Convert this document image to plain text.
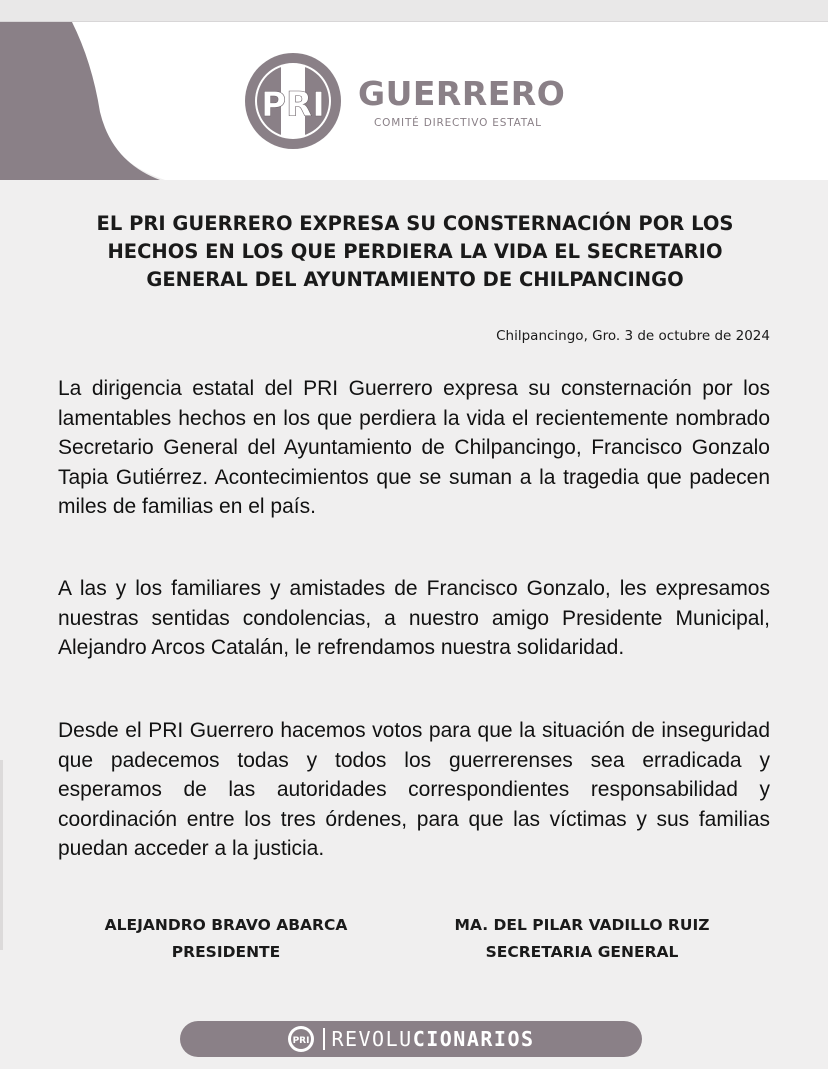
PRI GUERRERO
COMITÉ DIRECTIVO ESTATAL
EL PRI GUERRERO EXPRESA SU CONSTERNACIÓN POR LOS
HECHOS EN LOS QUE PERDIERA LA VIDA EL SECRETARIO
GENERAL DEL AYUNTAMIENTO DE CHILPANCINGO
Chilpancingo, Gro. 3 de octubre de 2024

La dirigencia estatal del PRI Guerrero expresa su consternación por los lamentables hechos en los que perdiera la vida el recientemente nombrado Secretario General del Ayuntamiento de Chilpancingo, Francisco Gonzalo Tapia Gutiérrez. Acontecimientos que se suman a la tragedia que padecen miles de familias en el país.

A las y los familiares y amistades de Francisco Gonzalo, les expresamos nuestras sentidas condolencias, a nuestro amigo Presidente Municipal, Alejandro Arcos Catalán, le refrendamos nuestra solidaridad.

Desde el PRI Guerrero hacemos votos para que la situación de inseguridad que padecemos todas y todos los guerrerenses sea erradicada y esperamos de las autoridades correspondientes responsabilidad y coordinación entre los tres órdenes, para que las víctimas y sus familias puedan acceder a la justicia.

ALEJANDRO BRAVO ABARCA
PRESIDENTE
MA. DEL PILAR VADILLO RUIZ
SECRETARIA GENERAL
PRI REVOLUCIONARIOS
